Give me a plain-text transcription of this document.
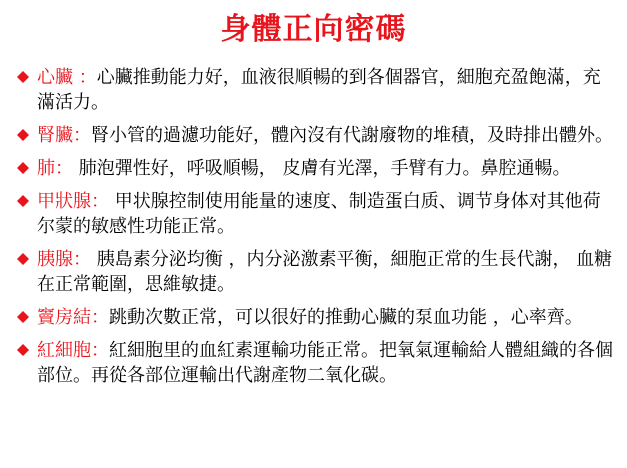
身體正向密碼
心臟 ：心臟推動能力好，血液很順暢的到各個器官，細胞充盈飽滿，充滿活力。
腎臟：腎小管的過濾功能好，體內沒有代謝廢物的堆積，及時排出體外。
肺： 肺泡彈性好，呼吸順暢， 皮膚有光澤，手臂有力。鼻腔通暢。
甲狀腺： 甲状腺控制使用能量的速度、制造蛋白质、调节身体对其他荷尔蒙的敏感性功能正常。
胰腺： 胰島素分泌均衡 ，内分泌激素平衡，細胞正常的生長代謝， 血糖在正常範圍，思維敏捷。
竇房結：跳動次數正常，可以很好的推動心臟的泵血功能 ，心率齊。
紅細胞：紅細胞里的血紅素運輸功能正常。把氧氣運輸給人體組織的各個部位。再從各部位運輸出代謝產物二氧化碳。
